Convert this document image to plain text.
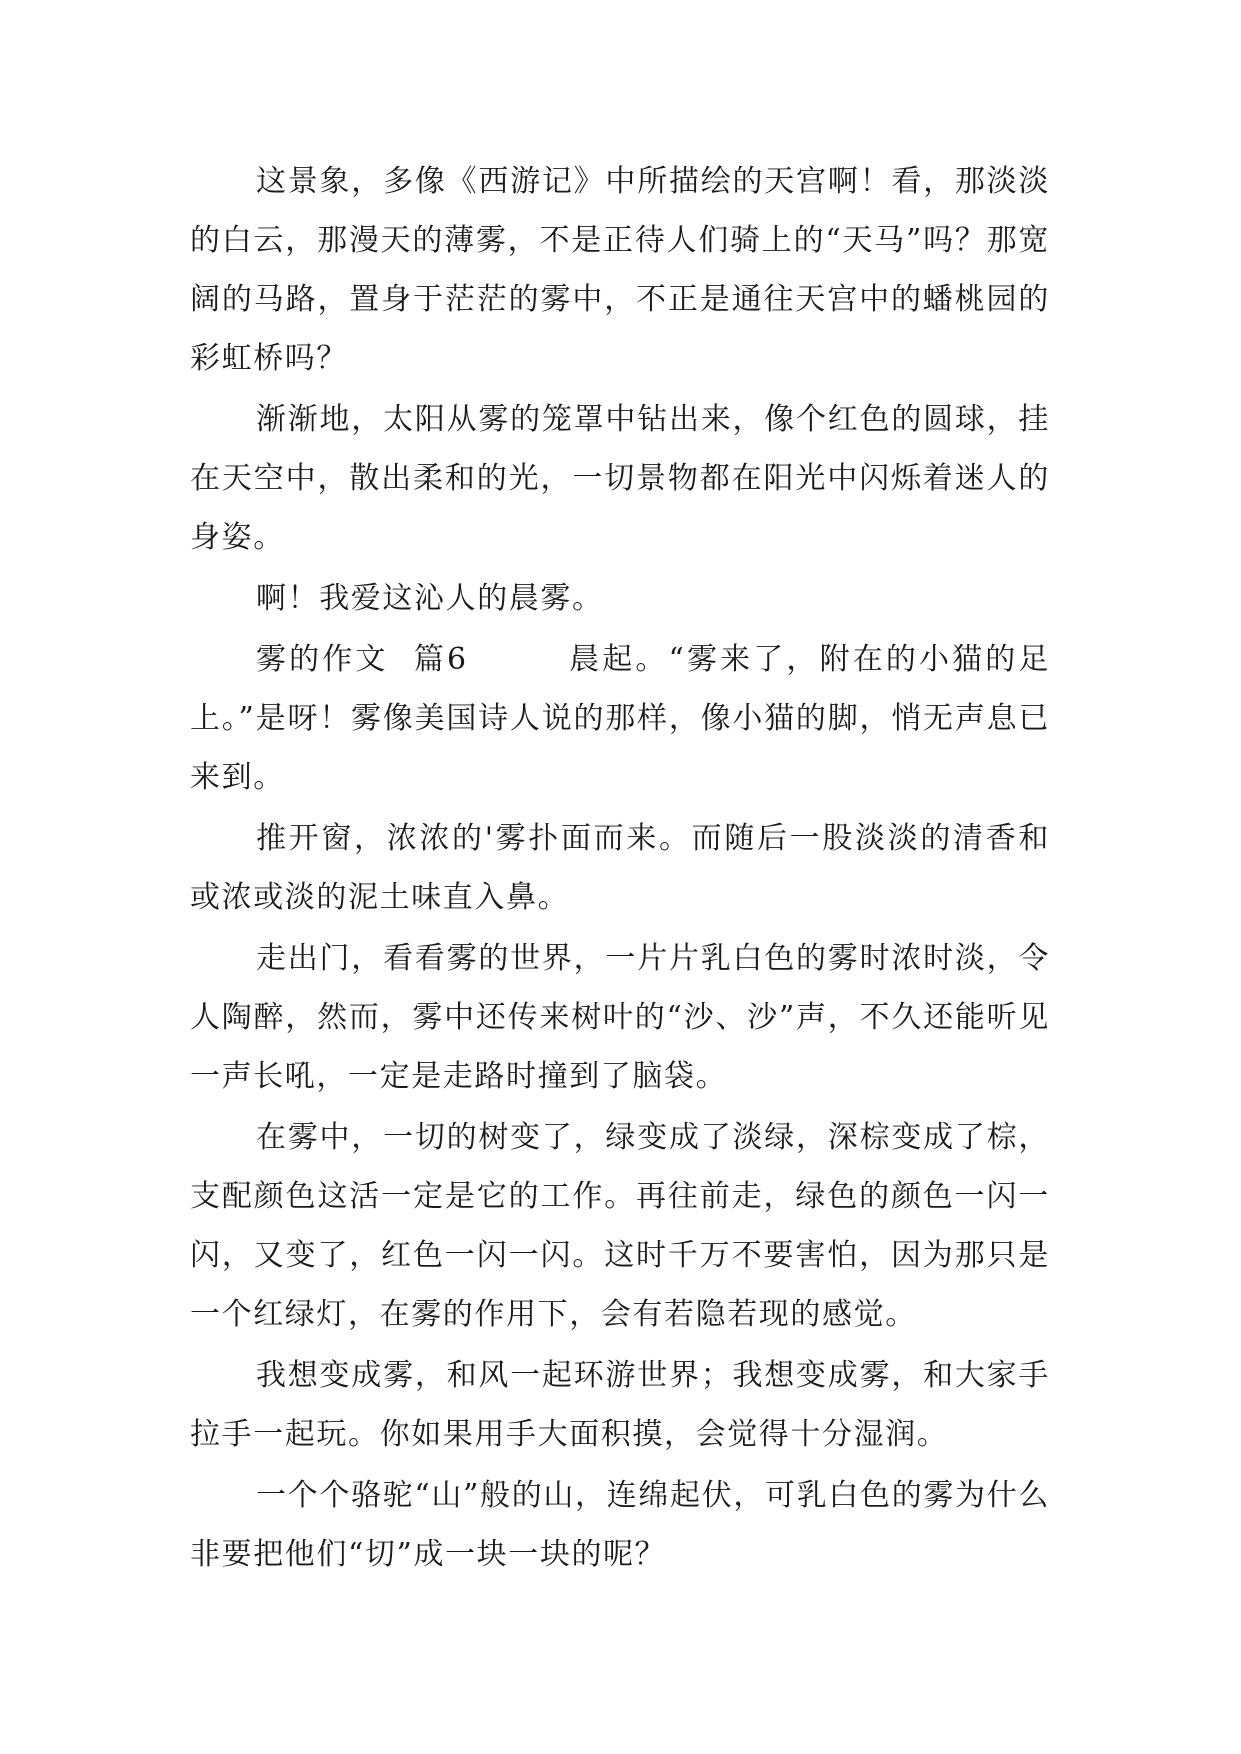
这景象，多像《西游记》中所描绘的天宫啊！看，那淡淡的白云，那漫天的薄雾，不是正待人们骑上的“天马”吗？那宽阔的马路，置身于茫茫的雾中，不正是通往天宫中的蟠桃园的彩虹桥吗？

渐渐地，太阳从雾的笼罩中钻出来，像个红色的圆球，挂在天空中，散出柔和的光，一切景物都在阳光中闪烁着迷人的身姿。

啊！我爱这沁人的晨雾。

雾的作文  篇6        晨起。“雾来了，附在的小猫的足上。”是呀！雾像美国诗人说的那样，像小猫的脚，悄无声息已来到。

推开窗，浓浓的'雾扑面而来。而随后一股淡淡的清香和或浓或淡的泥土味直入鼻。

走出门，看看雾的世界，一片片乳白色的雾时浓时淡，令人陶醉，然而，雾中还传来树叶的“沙、沙”声，不久还能听见一声长吼，一定是走路时撞到了脑袋。

在雾中，一切的树变了，绿变成了淡绿，深棕变成了棕，支配颜色这活一定是它的工作。再往前走，绿色的颜色一闪一闪，又变了，红色一闪一闪。这时千万不要害怕，因为那只是一个红绿灯，在雾的作用下，会有若隐若现的感觉。

我想变成雾，和风一起环游世界；我想变成雾，和大家手拉手一起玩。你如果用手大面积摸，会觉得十分湿润。

一个个骆驼“山”般的山，连绵起伏，可乳白色的雾为什么非要把他们“切”成一块一块的呢？
